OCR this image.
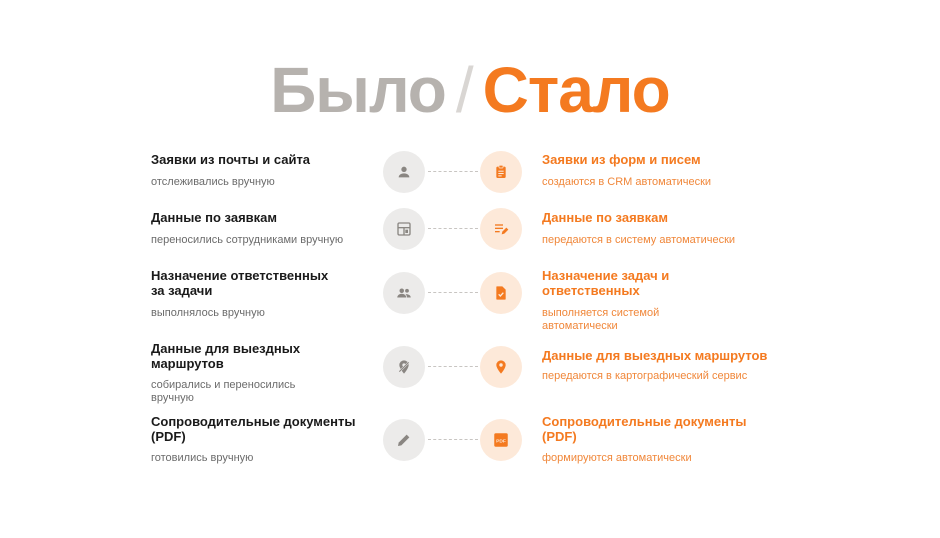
Было / Стало
Заявки из почты и сайта
отслеживались вручную
Заявки из форм и писем
создаются в CRM автоматически
Данные по заявкам
переносились сотрудниками вручную
Данные по заявкам
передаются в систему автоматически
Назначение ответственных за задачи
выполнялось вручную
Назначение задач и ответственных
выполняется системой автоматически
Данные для выездных маршрутов
собирались и переносились вручную
Данные для выездных маршрутов
передаются в картографический сервис
Сопроводительные документы (PDF)
готовились вручную
PDF
Сопроводительные документы (PDF)
формируются автоматически
